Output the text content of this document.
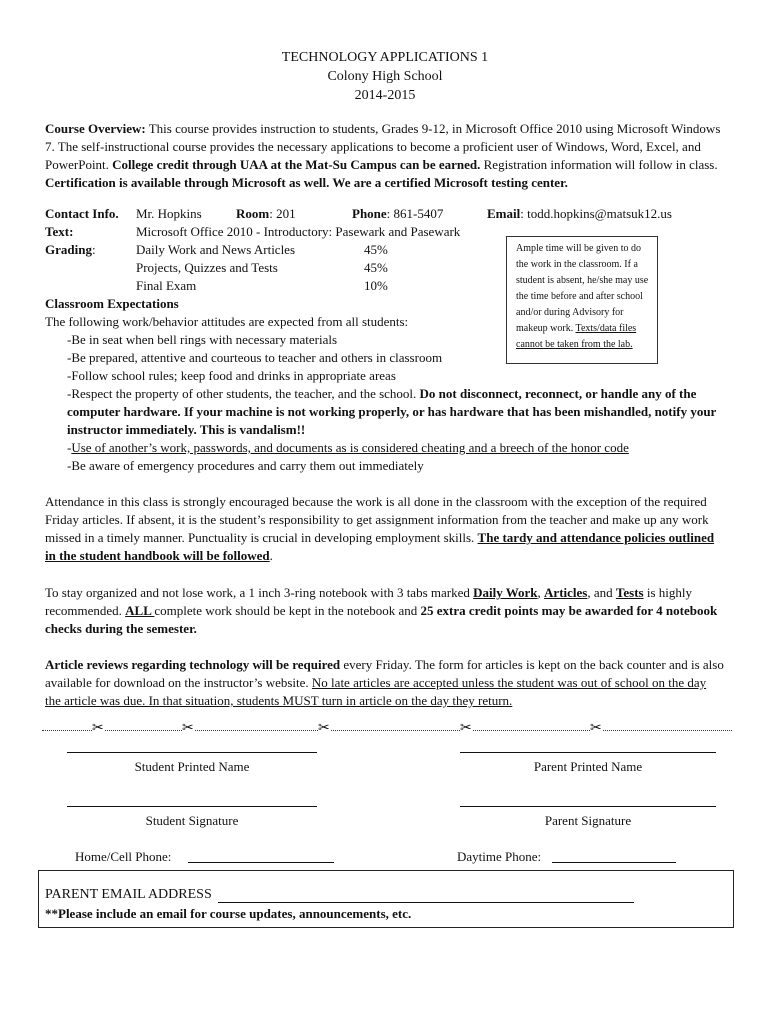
TECHNOLOGY APPLICATIONS 1
Colony High School
2014-2015
Course Overview: This course provides instruction to students, Grades 9-12, in Microsoft Office 2010 using Microsoft Windows 7. The self-instructional course provides the necessary applications to become a proficient user of Windows, Word, Excel, and PowerPoint. College credit through UAA at the Mat-Su Campus can be earned. Registration information will follow in class. Certification is available through Microsoft as well. We are a certified Microsoft testing center.
Contact Info. Mr. Hopkins	Room: 201	Phone: 861-5407	Email: todd.hopkins@matsuk12.us
Text:	Microsoft Office 2010 - Introductory: Pasewark and Pasewark
Grading:	Daily Work and News Articles	45%
Projects, Quizzes and Tests	45%
Final Exam	10%
Ample time will be given to do the work in the classroom. If a student is absent, he/she may use the time before and after school and/or during Advisory for makeup work. Texts/data files cannot be taken from the lab.
Classroom Expectations
The following work/behavior attitudes are expected from all students:
-Be in seat when bell rings with necessary materials
-Be prepared, attentive and courteous to teacher and others in classroom
-Follow school rules; keep food and drinks in appropriate areas
-Respect the property of other students, the teacher, and the school. Do not disconnect, reconnect, or handle any of the computer hardware. If your machine is not working properly, or has hardware that has been mishandled, notify your instructor immediately. This is vandalism!!
-Use of another’s work, passwords, and documents as is considered cheating and a breech of the honor code
-Be aware of emergency procedures and carry them out immediately
Attendance in this class is strongly encouraged because the work is all done in the classroom with the exception of the required Friday articles. If absent, it is the student’s responsibility to get assignment information from the teacher and make up any work missed in a timely manner. Punctuality is crucial in developing employment skills. The tardy and attendance policies outlined in the student handbook will be followed.
To stay organized and not lose work, a 1 inch 3-ring notebook with 3 tabs marked Daily Work, Articles, and Tests is highly recommended. ALL complete work should be kept in the notebook and 25 extra credit points may be awarded for 4 notebook checks during the semester.
Article reviews regarding technology will be required every Friday. The form for articles is kept on the back counter and is also available for download on the instructor’s website. No late articles are accepted unless the student was out of school on the day the article was due. In that situation, students MUST turn in article on the day they return.
✂	✂	✂	✂	✂
Student Printed Name	Parent Printed Name
Student Signature	Parent Signature
Home/Cell Phone:	Daytime Phone:
PARENT EMAIL ADDRESS
**Please include an email for course updates, announcements, etc.
